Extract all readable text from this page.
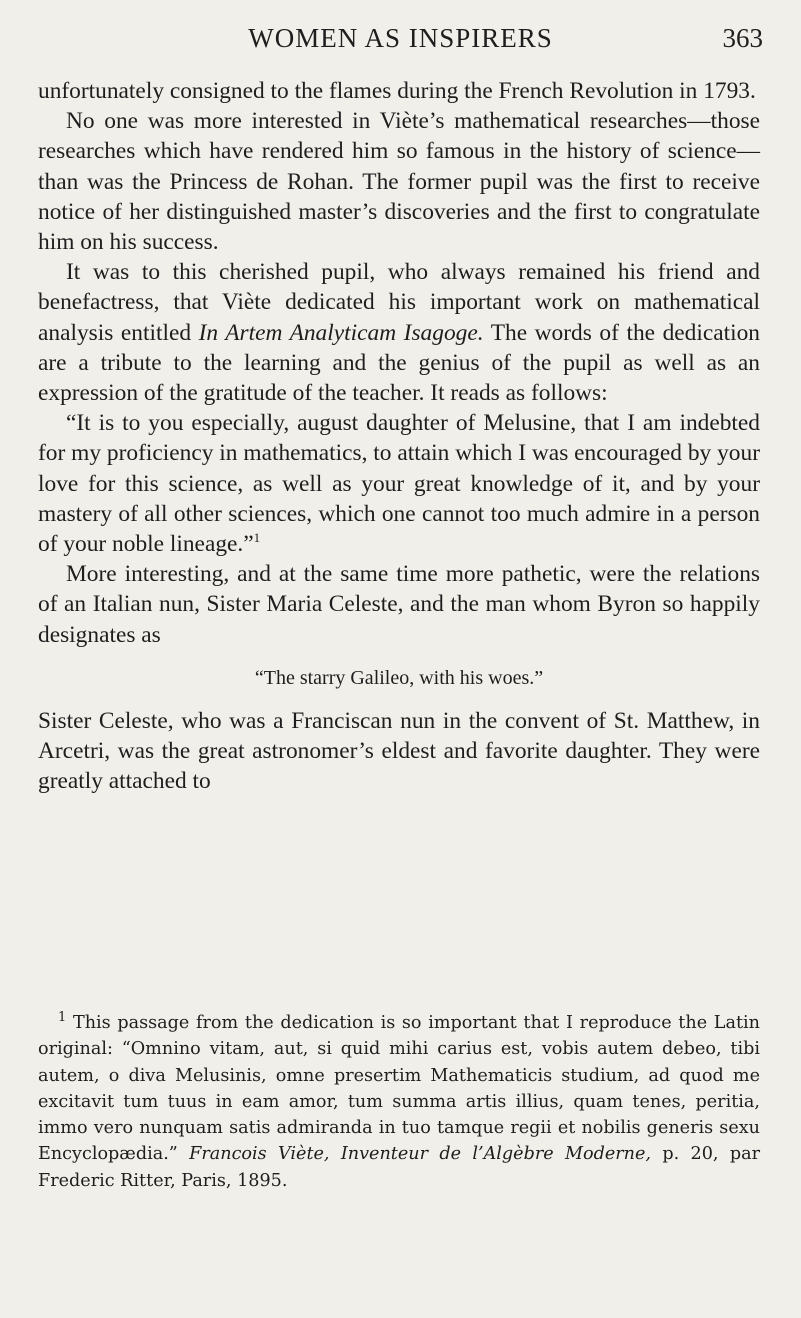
WOMEN AS INSPIRERS	363

unfortunately consigned to the flames during the French Revolution in 1793.

No one was more interested in Viète’s mathematical researches—those researches which have rendered him so famous in the history of science—than was the Princess de Rohan. The former pupil was the first to receive notice of her distinguished master’s discoveries and the first to congratulate him on his success.

It was to this cherished pupil, who always remained his friend and benefactress, that Viète dedicated his important work on mathematical analysis entitled In Artem Analyticam Isagoge. The words of the dedication are a tribute to the learning and the genius of the pupil as well as an expression of the gratitude of the teacher. It reads as follows:

“It is to you especially, august daughter of Melusine, that I am indebted for my proficiency in mathematics, to attain which I was encouraged by your love for this science, as well as your great knowledge of it, and by your mastery of all other sciences, which one cannot too much admire in a person of your noble lineage.”$^1$

More interesting, and at the same time more pathetic, were the relations of an Italian nun, Sister Maria Celeste, and the man whom Byron so happily designates as

“The starry Galileo, with his woes.”

Sister Celeste, who was a Franciscan nun in the convent of St. Matthew, in Arcetri, was the great astronomer’s eldest and favorite daughter. They were greatly attached to

$^1$ This passage from the dedication is so important that I reproduce the Latin original: “Omnino vitam, aut, si quid mihi carius est, vobis autem debeo, tibi autem, o diva Melusinis, omne presertim Mathematicis studium, ad quod me excitavit tum tuus in eam amor, tum summa artis illius, quam tenes, peritia, immo vero nunquam satis admiranda in tuo tamque regii et nobilis generis sexu Encyclopædia.” Francois Viète, Inventeur de l’Algèbre Moderne, p. 20, par Frederic Ritter, Paris, 1895.
